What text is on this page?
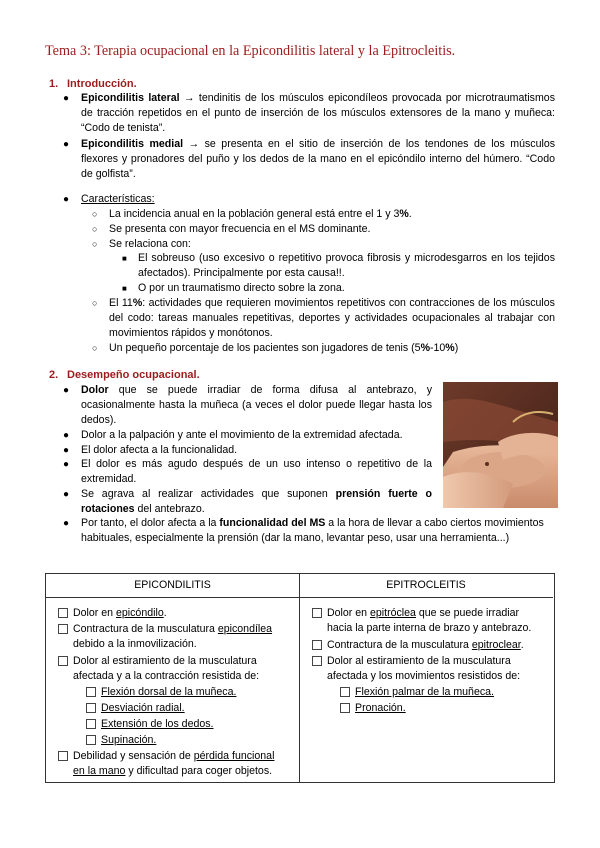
Tema 3: Terapia ocupacional en la Epicondilitis lateral y la Epitrocleitis.
1. Introducción.
● Epicondilitis lateral → tendinitis de los músculos epicondíleos provocada por microtraumatismos de tracción repetidos en el punto de inserción de los músculos extensores de la mano y muñeca: “Codo de tenista”.
● Epicondilitis medial → se presenta en el sitio de inserción de los tendones de los músculos flexores y pronadores del puño y los dedos de la mano en el epicóndilo interno del húmero. “Codo de golfista”.
● Características:
○ La incidencia anual en la población general está entre el 1 y 3%.
○ Se presenta con mayor frecuencia en el MS dominante.
○ Se relaciona con:
■ El sobreuso (uso excesivo o repetitivo provoca fibrosis y microdesgarros en los tejidos afectados). Principalmente por esta causa!!.
■ O por un traumatismo directo sobre la zona.
○ El 11%: actividades que requieren movimientos repetitivos con contracciones de los músculos del codo: tareas manuales repetitivas, deportes y actividades ocupacionales al trabajar con movimientos rápidos y monótonos.
○ Un pequeño porcentaje de los pacientes son jugadores de tenis (5%-10%)
2. Desempeño ocupacional.
● Dolor que se puede irradiar de forma difusa al antebrazo, y ocasionalmente hasta la muñeca (a veces el dolor puede llegar hasta los dedos).
● Dolor a la palpación y ante el movimiento de la extremidad afectada.
● El dolor afecta a la funcionalidad.
● El dolor es más agudo después de un uso intenso o repetitivo de la extremidad.
● Se agrava al realizar actividades que suponen prensión fuerte o rotaciones del antebrazo.
● Por tanto, el dolor afecta a la funcionalidad del MS a la hora de llevar a cabo ciertos movimientos habituales, especialmente la prensión (dar la mano, levantar peso, usar una herramienta...)
EPICONDILITIS	EPITROCLEITIS
Dolor en epicóndilo.
Contractura de la musculatura epicondílea debido a la inmovilización.
Dolor al estiramiento de la musculatura afectada y a la contracción resistida de:
Flexión dorsal de la muñeca.
Desviación radial.
Extensión de los dedos.
Supinación.
Debilidad y sensación de pérdida funcional en la mano y dificultad para coger objetos.
Dolor en epitróclea que se puede irradiar hacia la parte interna de brazo y antebrazo.
Contractura de la musculatura epitroclear.
Dolor al estiramiento de la musculatura afectada y los movimientos resistidos de:
Flexión palmar de la muñeca.
Pronación.
